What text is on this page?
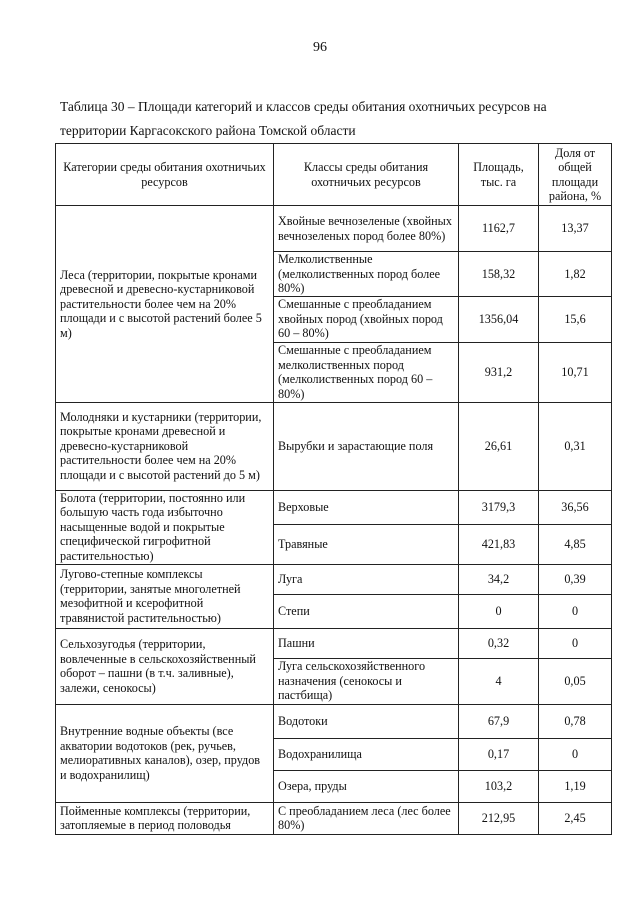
96
Таблица 30 – Площади категорий и классов среды обитания охотничьих ресурсов на территории Каргасокского района Томской области
Категории среды обитания охотничьих ресурсов	Классы среды обитания охотничьих ресурсов	Площадь, тыс. га	Доля от общей площади района, %
Леса (территории, покрытые кронами древесной и древесно-кустарниковой растительности более чем на 20% площади и с высотой растений более 5 м)	Хвойные вечнозеленые (хвойных вечнозеленых пород более 80%)	1162,7	13,37
	Мелколиственные (мелколиственных пород более 80%)	158,32	1,82
	Смешанные с преобладанием хвойных пород (хвойных пород 60 – 80%)	1356,04	15,6
	Смешанные с преобладанием мелколиственных пород (мелколиственных пород 60 – 80%)	931,2	10,71
Молодняки и кустарники (территории, покрытые кронами древесной и древесно-кустарниковой растительности более чем на 20% площади и с высотой растений до 5 м)	Вырубки и зарастающие поля	26,61	0,31
Болота (территории, постоянно или большую часть года избыточно насыщенные водой и покрытые специфической гигрофитной растительностью)	Верховые	3179,3	36,56
	Травяные	421,83	4,85
Лугово-степные комплексы (территории, занятые многолетней мезофитной и ксерофитной травянистой растительностью)	Луга	34,2	0,39
	Степи	0	0
Сельхозугодья (территории, вовлеченные в сельскохозяйственный оборот – пашни (в т.ч. заливные), залежи, сенокосы)	Пашни	0,32	0
	Луга сельскохозяйственного назначения (сенокосы и пастбища)	4	0,05
Внутренние водные объекты (все акватории водотоков (рек, ручьев, мелиоративных каналов), озер, прудов и водохранилищ)	Водотоки	67,9	0,78
	Водохранилища	0,17	0
	Озера, пруды	103,2	1,19
Пойменные комплексы (территории, затопляемые в период половодья	С преобладанием леса (лес более 80%)	212,95	2,45
